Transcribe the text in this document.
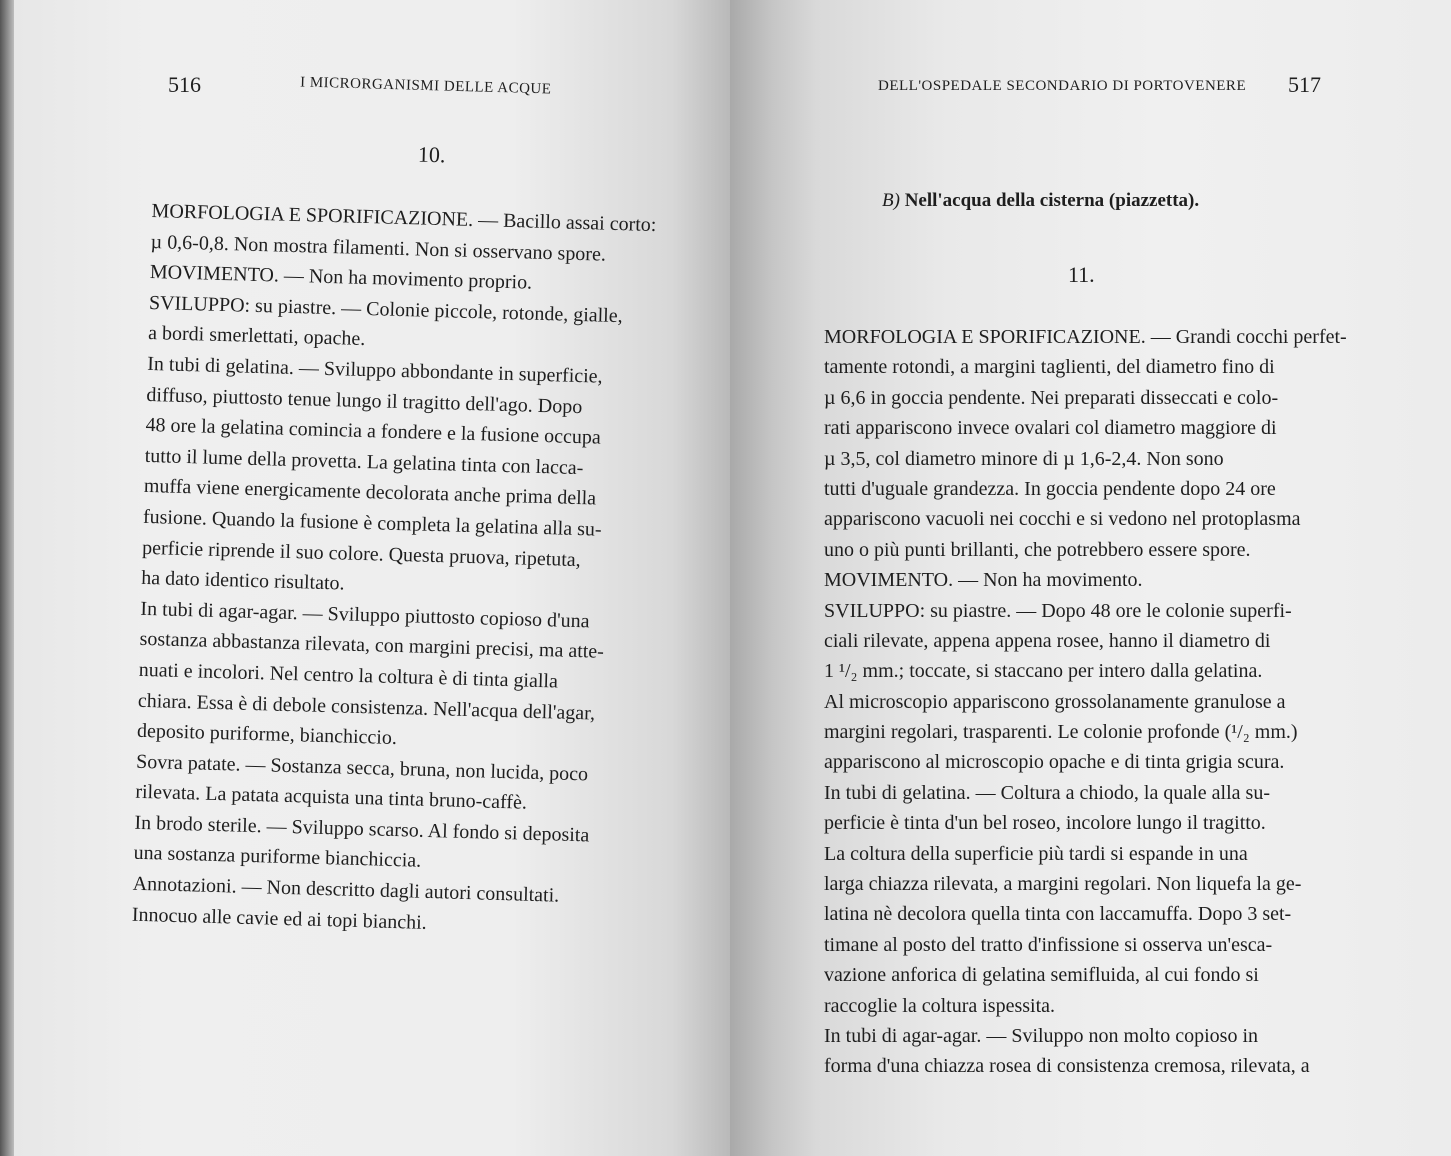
516	I MICRORGANISMI DELLE ACQUE
10.
MORFOLOGIA E SPORIFICAZIONE. — Bacillo assai corto:
µ 0,6-0,8. Non mostra filamenti. Non si osservano spore.
MOVIMENTO. — Non ha movimento proprio.
SVILUPPO: su piastre. — Colonie piccole, rotonde, gialle,
a bordi smerlettati, opache.
In tubi di gelatina. — Sviluppo abbondante in superficie,
diffuso, piuttosto tenue lungo il tragitto dell'ago. Dopo
48 ore la gelatina comincia a fondere e la fusione occupa
tutto il lume della provetta. La gelatina tinta con lacca-
muffa viene energicamente decolorata anche prima della
fusione. Quando la fusione è completa la gelatina alla su-
perficie riprende il suo colore. Questa pruova, ripetuta,
ha dato identico risultato.
In tubi di agar-agar. — Sviluppo piuttosto copioso d'una
sostanza abbastanza rilevata, con margini precisi, ma atte-
nuati e incolori. Nel centro la coltura è di tinta gialla
chiara. Essa è di debole consistenza. Nell'acqua dell'agar,
deposito puriforme, bianchiccio.
Sovra patate. — Sostanza secca, bruna, non lucida, poco
rilevata. La patata acquista una tinta bruno-caffè.
In brodo sterile. — Sviluppo scarso. Al fondo si deposita
una sostanza puriforme bianchiccia.
Annotazioni. — Non descritto dagli autori consultati.
Innocuo alle cavie ed ai topi bianchi.
DELL'OSPEDALE SECONDARIO DI PORTOVENERE 517
B) Nell'acqua della cisterna (piazzetta).
11.
MORFOLOGIA E SPORIFICAZIONE. — Grandi cocchi perfet-
tamente rotondi, a margini taglienti, del diametro fino di
µ 6,6 in goccia pendente. Nei preparati disseccati e colo-
rati appariscono invece ovalari col diametro maggiore di
µ 3,5, col diametro minore di µ 1,6-2,4. Non sono
tutti d'uguale grandezza. In goccia pendente dopo 24 ore
appariscono vacuoli nei cocchi e si vedono nel protoplasma
uno o più punti brillanti, che potrebbero essere spore.
MOVIMENTO. — Non ha movimento.
SVILUPPO: su piastre. — Dopo 48 ore le colonie superfi-
ciali rilevate, appena appena rosee, hanno il diametro di
1 ¹/₂ mm.; toccate, si staccano per intero dalla gelatina.
Al microscopio appariscono grossolanamente granulose a
margini regolari, trasparenti. Le colonie profonde (¹/₂ mm.)
appariscono al microscopio opache e di tinta grigia scura.
In tubi di gelatina. — Coltura a chiodo, la quale alla su-
perficie è tinta d'un bel roseo, incolore lungo il tragitto.
La coltura della superficie più tardi si espande in una
larga chiazza rilevata, a margini regolari. Non liquefa la ge-
latina nè decolora quella tinta con laccamuffa. Dopo 3 set-
timane al posto del tratto d'infissione si osserva un'esca-
vazione anforica di gelatina semifluida, al cui fondo si
raccoglie la coltura ispessita.
In tubi di agar-agar. — Sviluppo non molto copioso in
forma d'una chiazza rosea di consistenza cremosa, rilevata, a
